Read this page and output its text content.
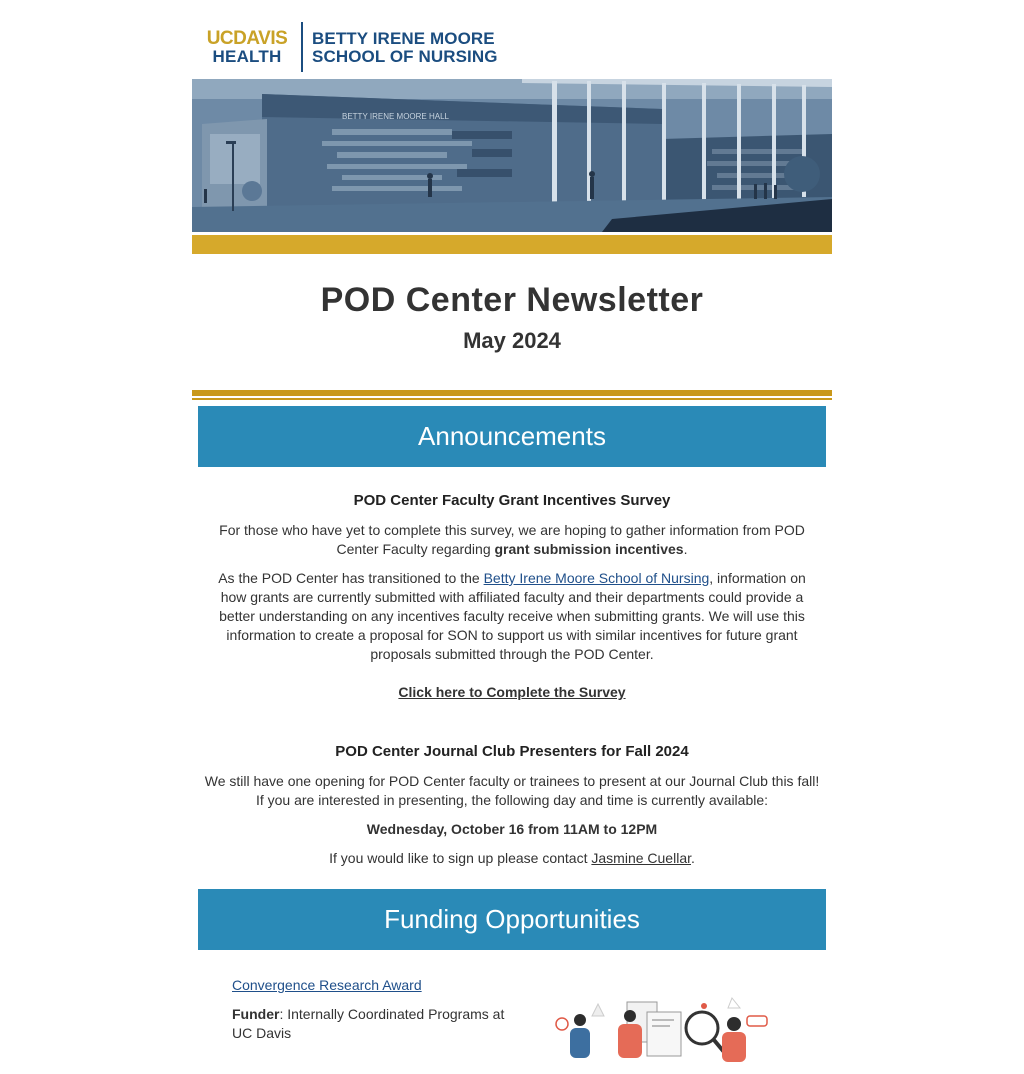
UCDAVIS
HEALTH
BETTY IRENE MOORE
SCHOOL OF NURSING
BETTY IRENE MOORE HALL
POD Center Newsletter
May 2024
Announcements

POD Center Faculty Grant Incentives Survey

For those who have yet to complete this survey, we are hoping to gather information from POD Center Faculty regarding grant submission incentives.

As the POD Center has transitioned to the Betty Irene Moore School of Nursing, information on how grants are currently submitted with affiliated faculty and their departments could provide a better understanding on any incentives faculty receive when submitting grants. We will use this information to create a proposal for SON to support us with similar incentives for future grant proposals submitted through the POD Center.

Click here to Complete the Survey

POD Center Journal Club Presenters for Fall 2024

We still have one opening for POD Center faculty or trainees to present at our Journal Club this fall! If you are interested in presenting, the following day and time is currently available:

Wednesday, October 16 from 11AM to 12PM

If you would like to sign up please contact Jasmine Cuellar.

Funding Opportunities
Convergence Research Award
Funder: Internally Coordinated Programs at UC Davis
